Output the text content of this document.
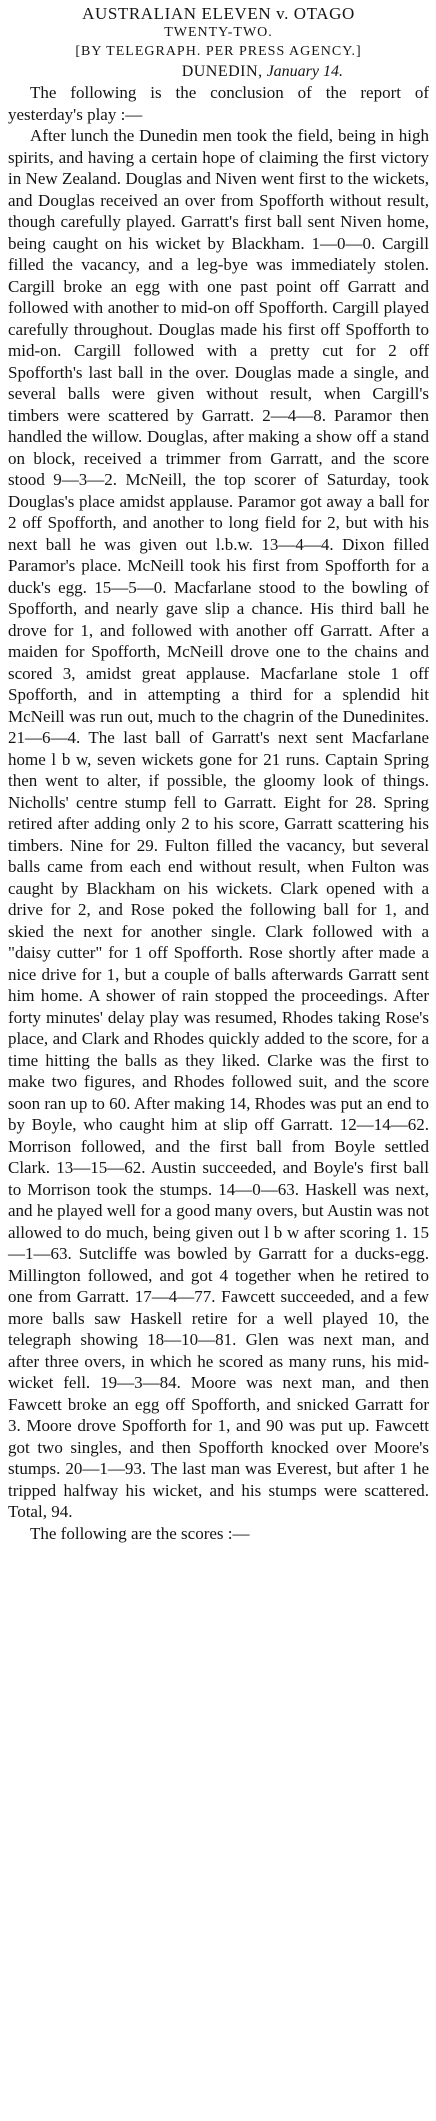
AUSTRALIAN ELEVEN v. OTAGO
TWENTY-TWO.

[BY TELEGRAPH. PER PRESS AGENCY.]

DUNEDIN, January 14.

The following is the conclusion of the report of yesterday's play :—

After lunch the Dunedin men took the field, being in high spirits, and having a certain hope of claiming the first victory in New Zealand. Douglas and Niven went first to the wickets, and Douglas received an over from Spofforth without result, though carefully played. Garratt's first ball sent Niven home, being caught on his wicket by Blackham. 1—0—0. Cargill filled the vacancy, and a leg-bye was immediately stolen. Cargill broke an egg with one past point off Garratt and followed with another to mid-on off Spofforth. Cargill played carefully throughout. Douglas made his first off Spofforth to mid-on. Cargill followed with a pretty cut for 2 off Spofforth's last ball in the over. Douglas made a single, and several balls were given without result, when Cargill's timbers were scattered by Garratt. 2—4—8. Paramor then handled the willow. Douglas, after making a show off a stand on block, received a trimmer from Garratt, and the score stood 9—3—2. McNeill, the top scorer of Saturday, took Douglas's place amidst applause. Paramor got away a ball for 2 off Spofforth, and another to long field for 2, but with his next ball he was given out l.b.w. 13—4—4. Dixon filled Paramor's place. McNeill took his first from Spofforth for a duck's egg. 15—5—0. Macfarlane stood to the bowling of Spofforth, and nearly gave slip a chance. His third ball he drove for 1, and followed with another off Garratt. After a maiden for Spofforth, McNeill drove one to the chains and scored 3, amidst great applause. Macfarlane stole 1 off Spofforth, and in attempting a third for a splendid hit McNeill was run out, much to the chagrin of the Dunedinites. 21—6—4. The last ball of Garratt's next sent Macfarlane home l b w, seven wickets gone for 21 runs. Captain Spring then went to alter, if possible, the gloomy look of things. Nicholls' centre stump fell to Garratt. Eight for 28. Spring retired after adding only 2 to his score, Garratt scattering his timbers. Nine for 29. Fulton filled the vacancy, but several balls came from each end without result, when Fulton was caught by Blackham on his wickets. Clark opened with a drive for 2, and Rose poked the following ball for 1, and skied the next for another single. Clark followed with a "daisy cutter" for 1 off Spofforth. Rose shortly after made a nice drive for 1, but a couple of balls afterwards Garratt sent him home. A shower of rain stopped the proceedings. After forty minutes' delay play was resumed, Rhodes taking Rose's place, and Clark and Rhodes quickly added to the score, for a time hitting the balls as they liked. Clarke was the first to make two figures, and Rhodes followed suit, and the score soon ran up to 60. After making 14, Rhodes was put an end to by Boyle, who caught him at slip off Garratt. 12—14—62. Morrison followed, and the first ball from Boyle settled Clark. 13—15—62. Austin succeeded, and Boyle's first ball to Morrison took the stumps. 14—0—63. Haskell was next, and he played well for a good many overs, but Austin was not allowed to do much, being given out l b w after scoring 1. 15—1—63. Sutcliffe was bowled by Garratt for a ducks-egg. Millington followed, and got 4 together when he retired to one from Garratt. 17—4—77. Fawcett succeeded, and a few more balls saw Haskell retire for a well played 10, the telegraph showing 18—10—81. Glen was next man, and after three overs, in which he scored as many runs, his mid-wicket fell. 19—3—84. Moore was next man, and then Fawcett broke an egg off Spofforth, and snicked Garratt for 3. Moore drove Spofforth for 1, and 90 was put up. Fawcett got two singles, and then Spofforth knocked over Moore's stumps. 20—1—93. The last man was Everest, but after 1 he tripped halfway his wicket, and his stumps were scattered. Total, 94.

The following are the scores :—
